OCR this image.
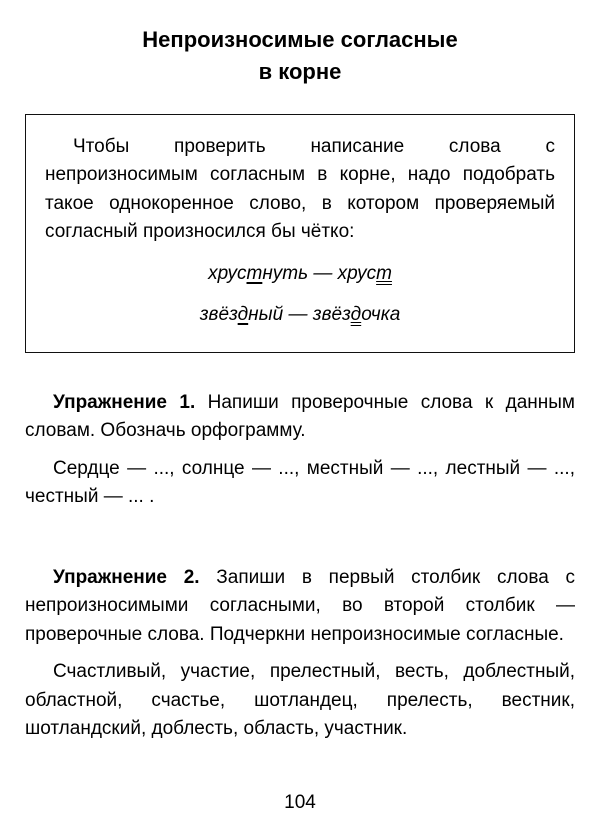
Непроизносимые согласные
в корне

Чтобы проверить написание слова с непроизносимым согласным в корне, надо подобрать такое однокоренное слово, в котором проверяемый согласный произносился бы чётко:

хрустнуть — хруст

звёздный — звёздочка

Упражнение 1. Напиши проверочные слова к данным словам. Обозначь орфограмму.

Сердце — ..., солнце — ..., местный — ..., лестный — ..., честный — ... .

Упражнение 2. Запиши в первый столбик слова с непроизносимыми согласными, во второй столбик — проверочные слова. Подчеркни непроизносимые согласные.

Счастливый, участие, прелестный, весть, доблестный, областной, счастье, шотландец, прелесть, вестник, шотландский, доблесть, область, участник.

104
